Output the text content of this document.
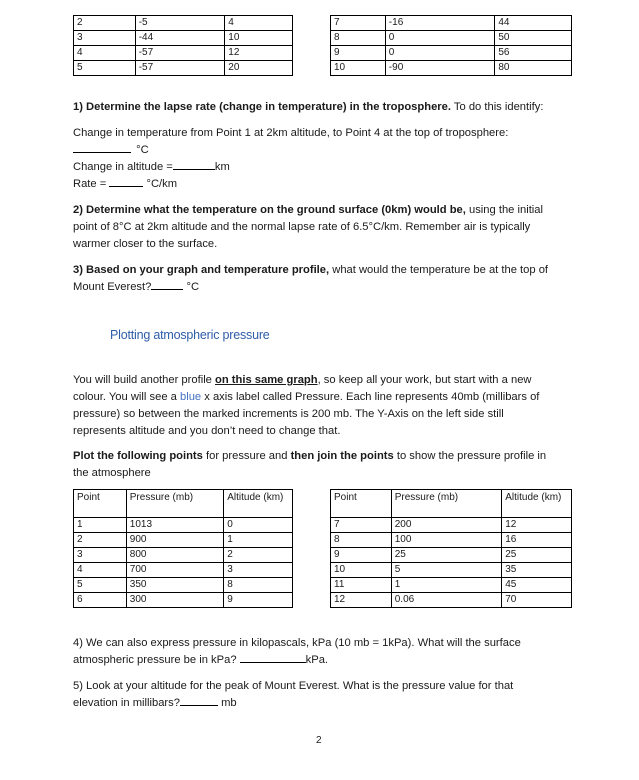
2	-5	4
3	-44	10
4	-57	12
5	-57	20
7	-16	44
8	0	50
9	0	56
10	-90	80

1) Determine the lapse rate (change in temperature) in the troposphere. To do this identify:

Change in temperature from Point 1 at 2km altitude, to Point 4 at the top of troposphere:

°C

Change in altitude =	km

Rate =	°C/km

2) Determine what the temperature on the ground surface (0km) would be, using the initial

point of 8°C at 2km altitude and the normal lapse rate of 6.5°C/km. Remember air is typically

warmer closer to the surface.

3) Based on your graph and temperature profile, what would the temperature be at the top of

Mount Everest?	°C

Plotting atmospheric pressure

You will build another profile on this same graph, so keep all your work, but start with a new

colour. You will see a blue x axis label called Pressure. Each line represents 40mb (millibars of

pressure) so between the marked increments is 200 mb. The Y-Axis on the left side still

represents altitude and you don’t need to change that.

Plot the following points for pressure and then join the points to show the pressure profile in

the atmosphere

Point	Pressure (mb)	Altitude (km)
1	1013	0
2	900	1
3	800	2
4	700	3
5	350	8
6	300	9
Point	Pressure (mb)	Altitude (km)
7	200	12
8	100	16
9	25	25
10	5	35
11	1	45
12	0.06	70

4) We can also express pressure in kilopascals, kPa (10 mb = 1kPa). What will the surface

atmospheric pressure be in kPa?	kPa.

5) Look at your altitude for the peak of Mount Everest. What is the pressure value for that

elevation in millibars?	mb

2
